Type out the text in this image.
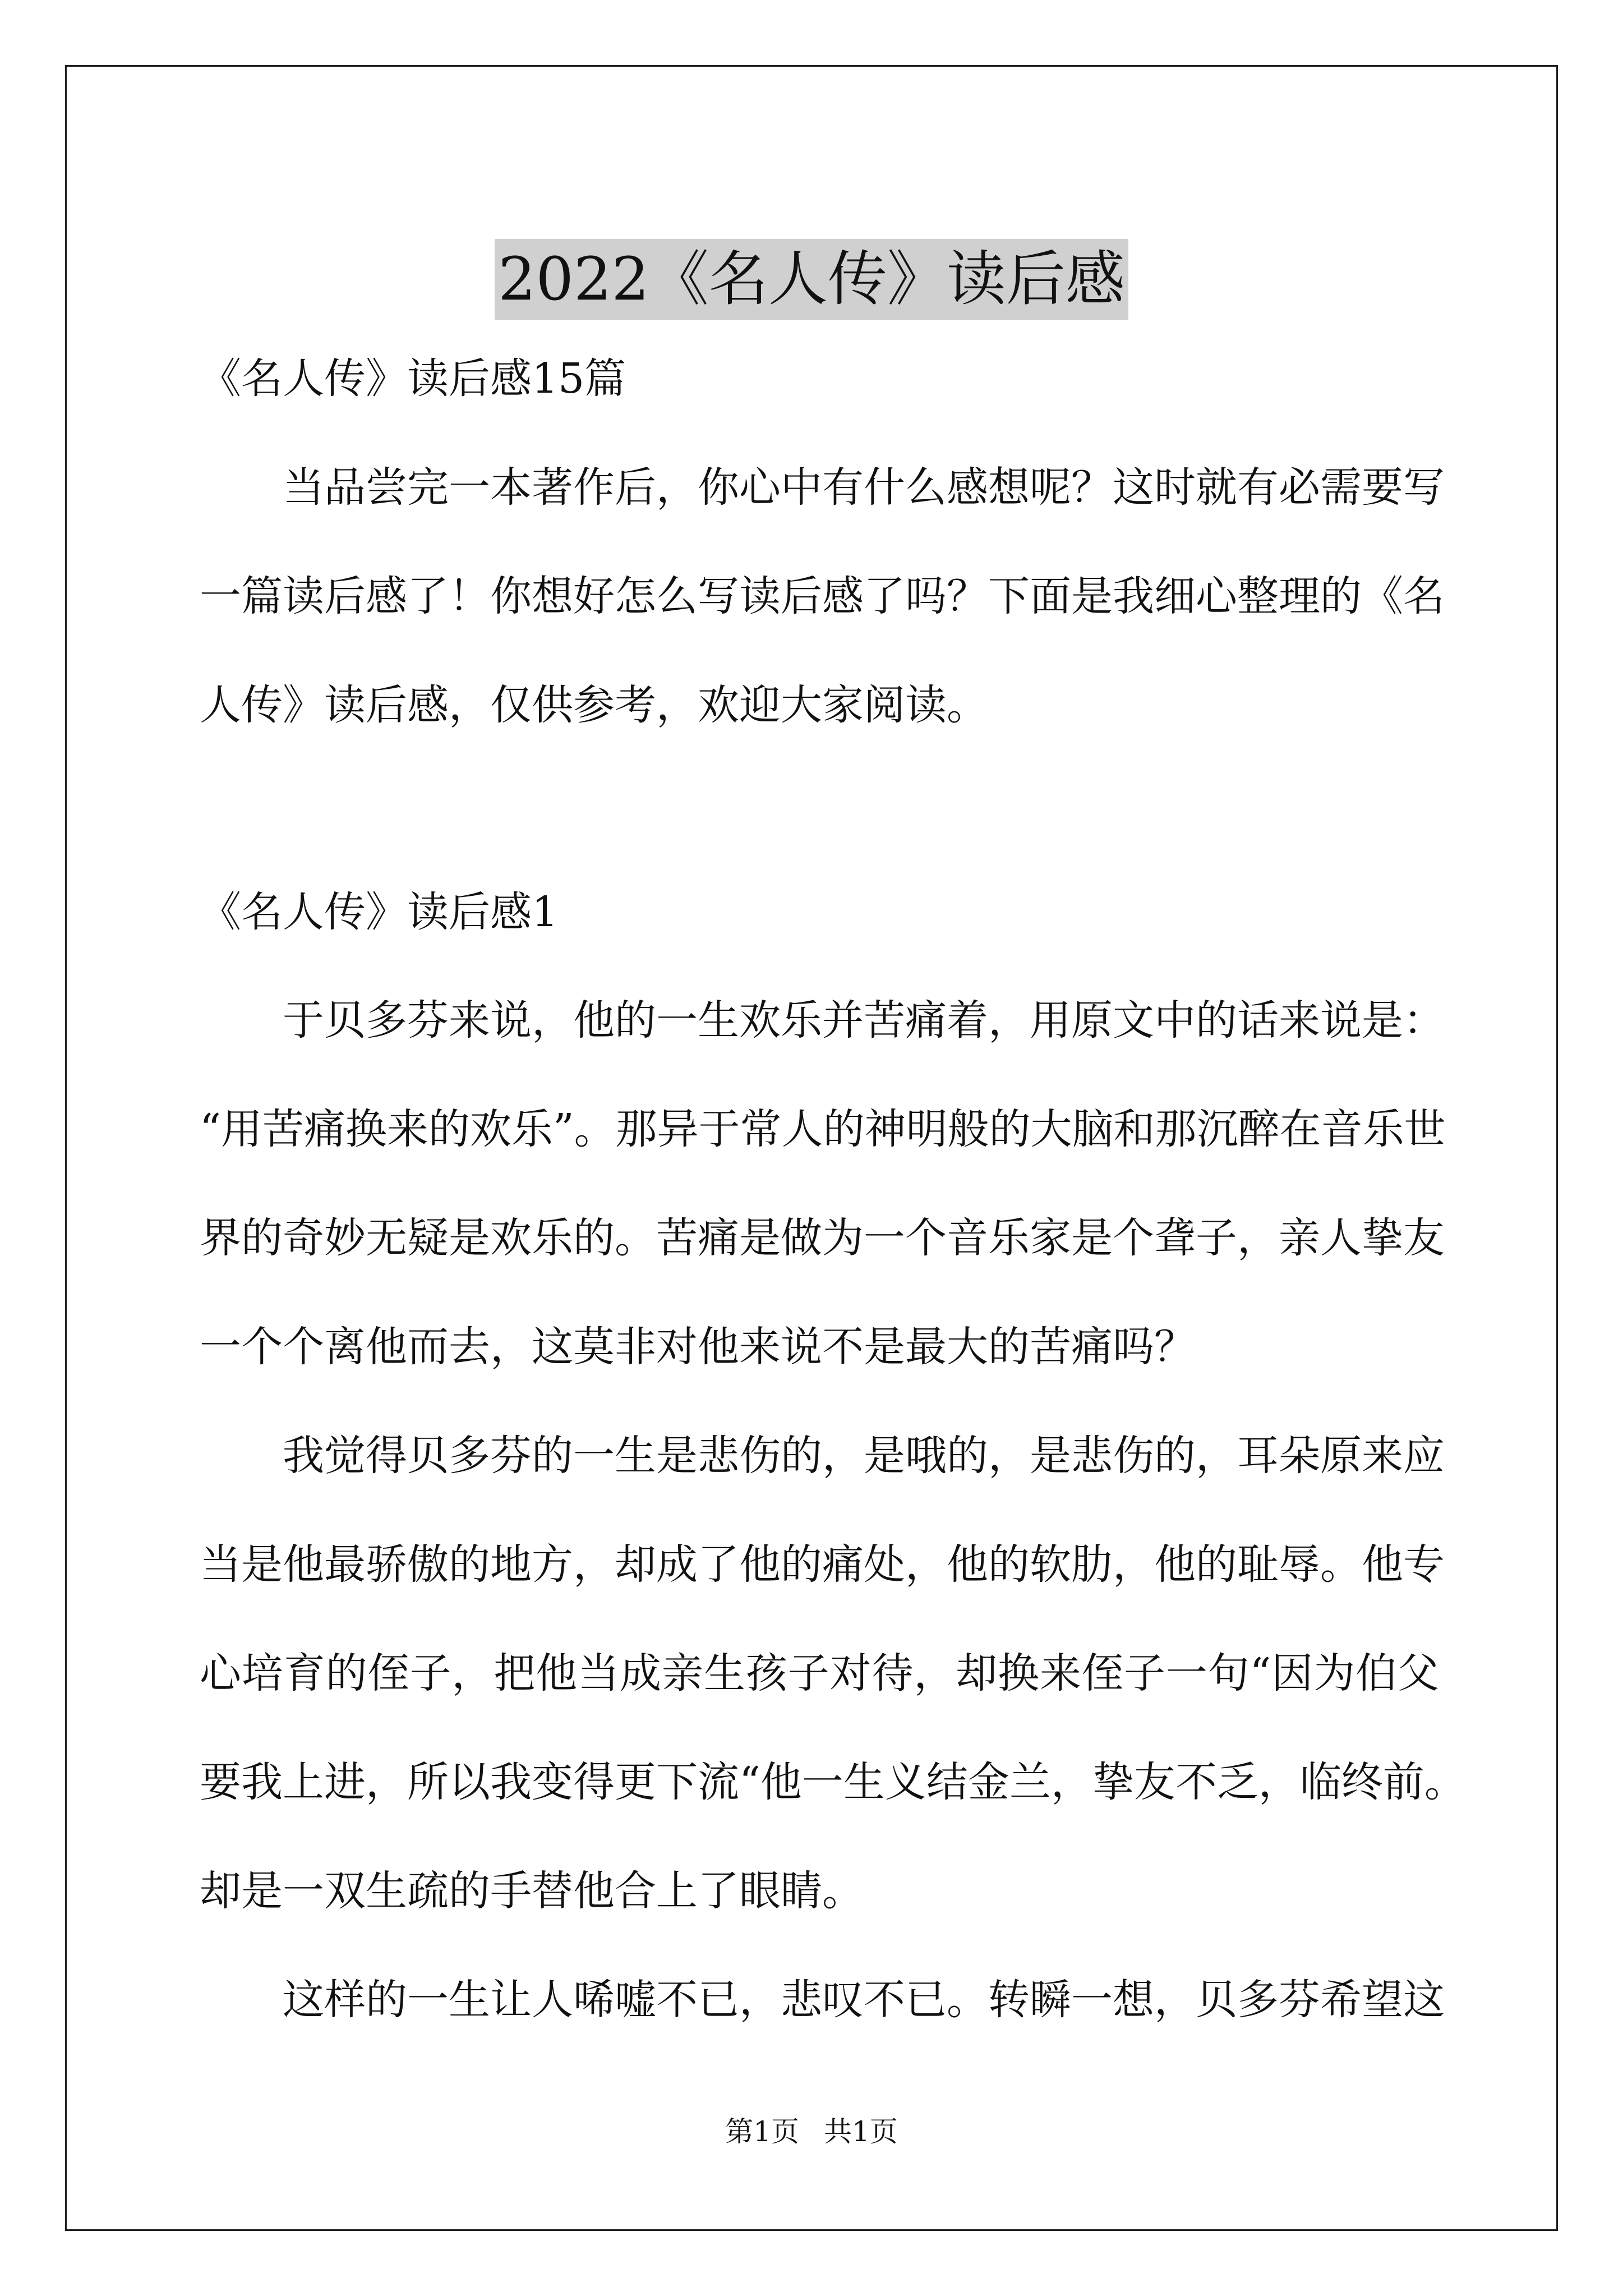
2022《名人传》读后感
《名人传》读后感15篇
当品尝完一本著作后，你心中有什么感想呢？这时就有必需要写
一篇读后感了！你想好怎么写读后感了吗？下面是我细心整理的《名
人传》读后感，仅供参考，欢迎大家阅读。
《名人传》读后感1
于贝多芬来说，他的一生欢乐并苦痛着，用原文中的话来说是：
“用苦痛换来的欢乐”。那异于常人的神明般的大脑和那沉醉在音乐世
界的奇妙无疑是欢乐的。苦痛是做为一个音乐家是个聋子，亲人挚友
一个个离他而去，这莫非对他来说不是最大的苦痛吗？
我觉得贝多芬的一生是悲伤的，是哦的，是悲伤的，耳朵原来应
当是他最骄傲的地方，却成了他的痛处，他的软肋，他的耻辱。他专
心培育的侄子，把他当成亲生孩子对待，却换来侄子一句“因为伯父
要我上进，所以我变得更下流“他一生义结金兰，挚友不乏，临终前。
却是一双生疏的手替他合上了眼睛。
这样的一生让人唏嘘不已，悲叹不已。转瞬一想，贝多芬希望这
第1页 共1页
